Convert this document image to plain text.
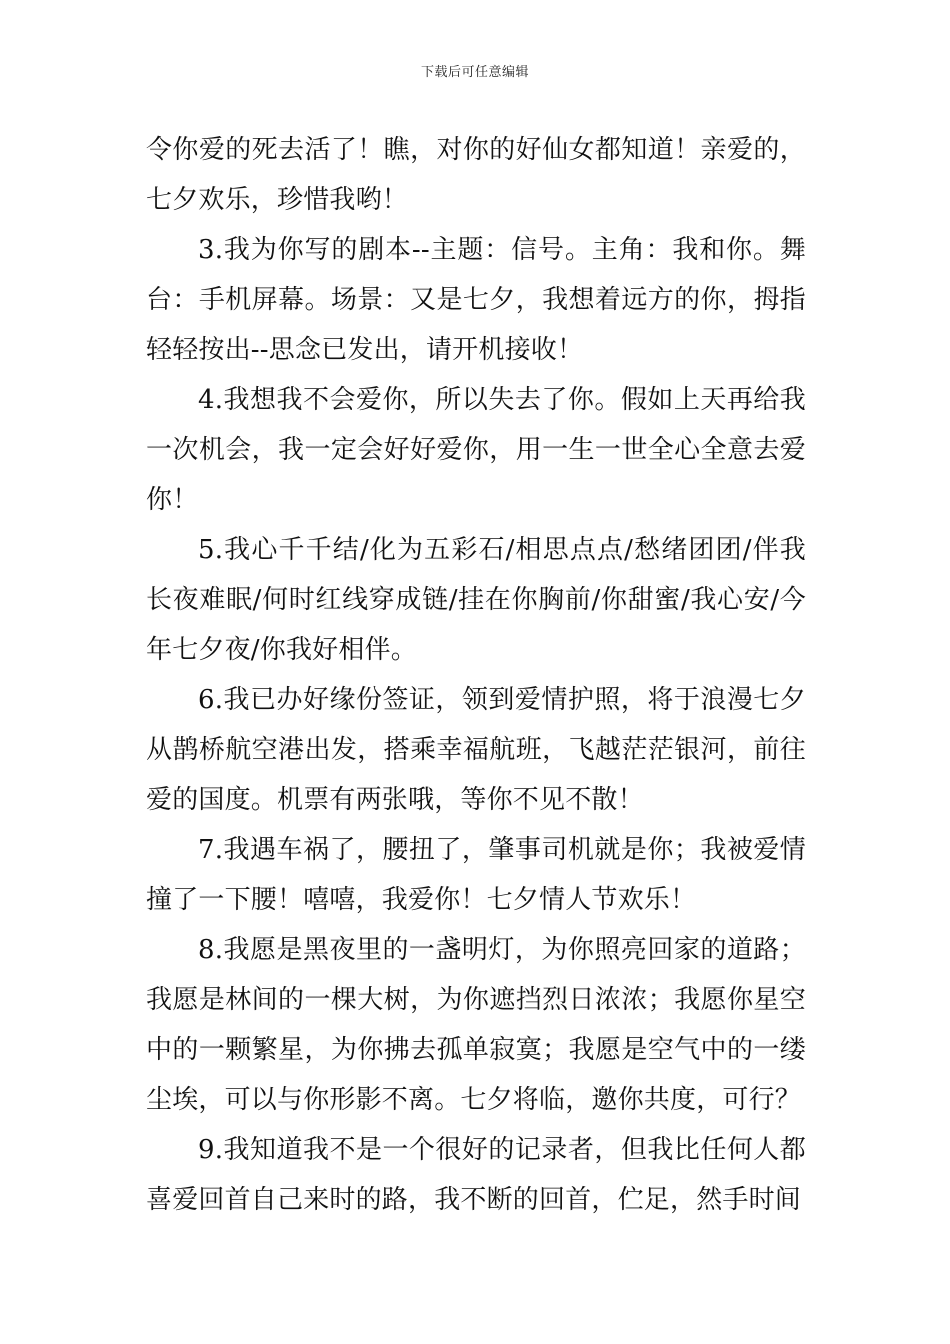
下载后可任意编辑

令你爱的死去活了！瞧，对你的好仙女都知道！亲爱的，七夕欢乐，珍惜我哟！

3.我为你写的剧本--主题：信号。主角：我和你。舞台：手机屏幕。场景：又是七夕，我想着远方的你，拇指轻轻按出--思念已发出，请开机接收！

4.我想我不会爱你，所以失去了你。假如上天再给我一次机会，我一定会好好爱你，用一生一世全心全意去爱你！

5.我心千千结/化为五彩石/相思点点/愁绪团团/伴我长夜难眠/何时红线穿成链/挂在你胸前/你甜蜜/我心安/今年七夕夜/你我好相伴。

6.我已办好缘份签证，领到爱情护照，将于浪漫七夕从鹊桥航空港出发，搭乘幸福航班，飞越茫茫银河，前往爱的国度。机票有两张哦，等你不见不散！

7.我遇车祸了，腰扭了，肇事司机就是你；我被爱情撞了一下腰！嘻嘻，我爱你！七夕情人节欢乐！

8.我愿是黑夜里的一盏明灯，为你照亮回家的道路；我愿是林间的一棵大树，为你遮挡烈日浓浓；我愿你星空中的一颗繁星，为你拂去孤单寂寞；我愿是空气中的一缕尘埃，可以与你形影不离。七夕将临，邀你共度，可行？

9.我知道我不是一个很好的记录者，但我比任何人都喜爱回首自己来时的路，我不断的回首，伫足，然手时间
